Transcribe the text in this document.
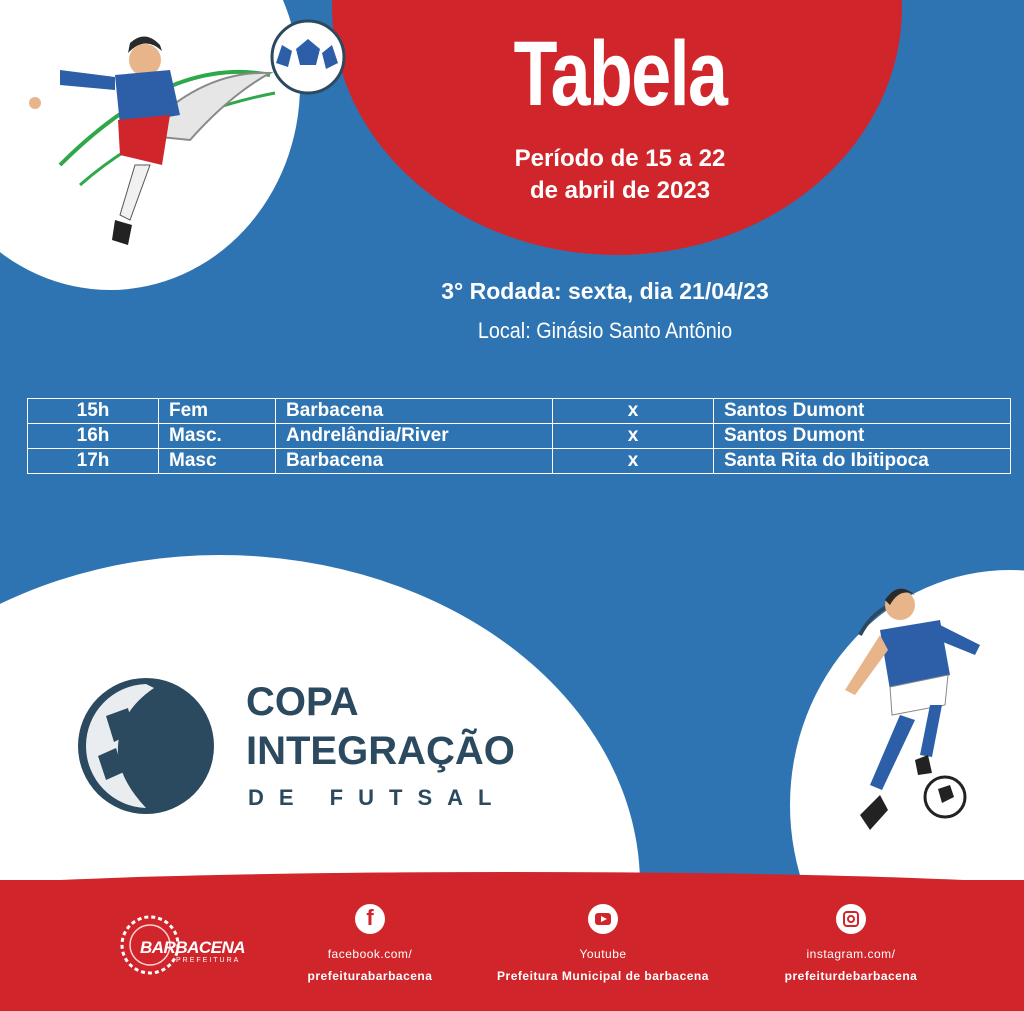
Tabela
Período de 15 a 22
de abril de 2023
3° Rodada: sexta, dia 21/04/23
Local: Ginásio Santo Antônio
15h	Fem	Barbacena	x	Santos Dumont
16h	Masc.	Andrelândia/River	x	Santos Dumont
17h	Masc	Barbacena	x	Santa Rita do Ibitipoca
COPA
INTEGRAÇÃO
DE FUTSAL
BARBACENA
PREFEITURA
f
facebook.com/
prefeiturabarbacena
Youtube
Prefeitura Municipal de barbacena
instagram.com/
prefeiturdebarbacena
